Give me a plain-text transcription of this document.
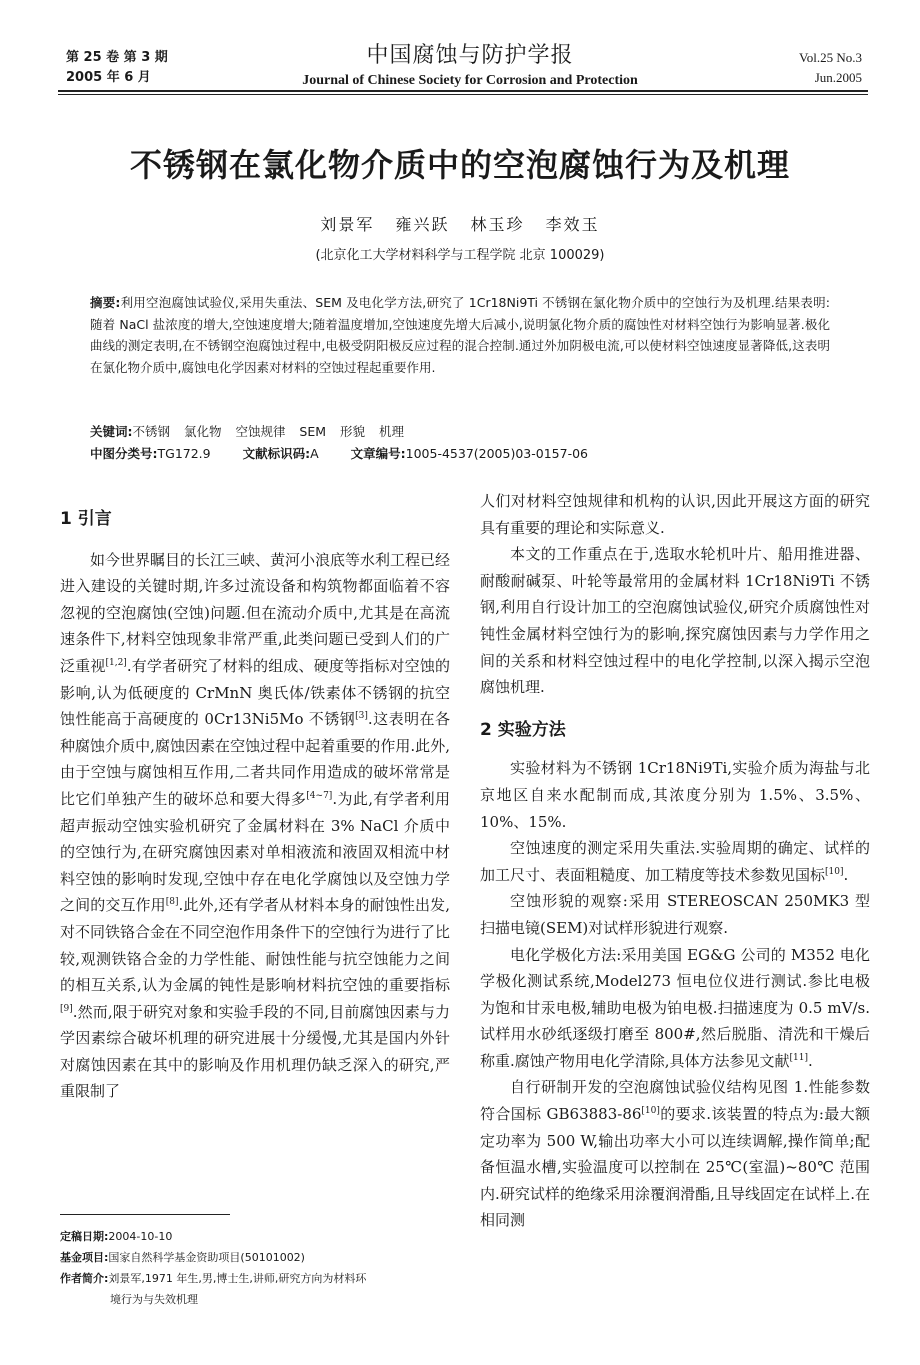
第 25 卷 第 3 期
2005 年 6 月
中国腐蚀与防护学报
Journal of Chinese Society for Corrosion and Protection
Vol.25 No.3
Jun.2005
不锈钢在氯化物介质中的空泡腐蚀行为及机理
刘景军 雍兴跃 林玉珍 李效玉
(北京化工大学材料科学与工程学院 北京 100029)
摘要:利用空泡腐蚀试验仪,采用失重法、SEM 及电化学方法,研究了 1Cr18Ni9Ti 不锈钢在氯化物介质中的空蚀行为及机理.结果表明:随着 NaCl 盐浓度的增大,空蚀速度增大;随着温度增加,空蚀速度先增大后减小,说明氯化物介质的腐蚀性对材料空蚀行为影响显著.极化曲线的测定表明,在不锈钢空泡腐蚀过程中,电极受阴阳极反应过程的混合控制.通过外加阴极电流,可以使材料空蚀速度显著降低,这表明在氯化物介质中,腐蚀电化学因素对材料的空蚀过程起重要作用.
关键词:不锈钢 氯化物 空蚀规律 SEM 形貌 机理
中图分类号:TG172.9	文献标识码:A	文章编号:1005-4537(2005)03-0157-06
1 引言

如今世界瞩目的长江三峡、黄河小浪底等水利工程已经进入建设的关键时期,许多过流设备和构筑物都面临着不容忽视的空泡腐蚀(空蚀)问题.但在流动介质中,尤其是在高流速条件下,材料空蚀现象非常严重,此类问题已受到人们的广泛重视[1,2].有学者研究了材料的组成、硬度等指标对空蚀的影响,认为低硬度的 CrMnN 奥氏体/铁素体不锈钢的抗空蚀性能高于高硬度的 0Cr13Ni5Mo 不锈钢[3].这表明在各种腐蚀介质中,腐蚀因素在空蚀过程中起着重要的作用.此外,由于空蚀与腐蚀相互作用,二者共同作用造成的破坏常常是比它们单独产生的破坏总和要大得多[4~7].为此,有学者利用超声振动空蚀实验机研究了金属材料在 3% NaCl 介质中的空蚀行为,在研究腐蚀因素对单相液流和液固双相流中材料空蚀的影响时发现,空蚀中存在电化学腐蚀以及空蚀力学之间的交互作用[8].此外,还有学者从材料本身的耐蚀性出发,对不同铁铬合金在不同空泡作用条件下的空蚀行为进行了比较,观测铁铬合金的力学性能、耐蚀性能与抗空蚀能力之间的相互关系,认为金属的钝性是影响材料抗空蚀的重要指标[9].然而,限于研究对象和实验手段的不同,目前腐蚀因素与力学因素综合破坏机理的研究进展十分缓慢,尤其是国内外针对腐蚀因素在其中的影响及作用机理仍缺乏深入的研究,严重限制了

人们对材料空蚀规律和机构的认识,因此开展这方面的研究具有重要的理论和实际意义.

本文的工作重点在于,选取水轮机叶片、船用推进器、耐酸耐碱泵、叶轮等最常用的金属材料 1Cr18Ni9Ti 不锈钢,利用自行设计加工的空泡腐蚀试验仪,研究介质腐蚀性对钝性金属材料空蚀行为的影响,探究腐蚀因素与力学作用之间的关系和材料空蚀过程中的电化学控制,以深入揭示空泡腐蚀机理.

2 实验方法

实验材料为不锈钢 1Cr18Ni9Ti,实验介质为海盐与北京地区自来水配制而成,其浓度分别为 1.5%、3.5%、10%、15%.

空蚀速度的测定采用失重法.实验周期的确定、试样的加工尺寸、表面粗糙度、加工精度等技术参数见国标[10].

空蚀形貌的观察:采用 STEREOSCAN 250MK3 型扫描电镜(SEM)对试样形貌进行观察.

电化学极化方法:采用美国 EG&G 公司的 M352 电化学极化测试系统,Model273 恒电位仪进行测试.参比电极为饱和甘汞电极,辅助电极为铂电极.扫描速度为 0.5 mV/s.试样用水砂纸逐级打磨至 800#,然后脱脂、清洗和干燥后称重.腐蚀产物用电化学清除,具体方法参见文献[11].

自行研制开发的空泡腐蚀试验仪结构见图 1.性能参数符合国标 GB63883-86[10]的要求.该装置的特点为:最大额定功率为 500 W,输出功率大小可以连续调解,操作简单;配备恒温水槽,实验温度可以控制在 25℃(室温)~80℃ 范围内.研究试样的绝缘采用涂覆润滑酯,且导线固定在试样上.在相同测

定稿日期:2004-10-10
基金项目:国家自然科学基金资助项目(50101002)
作者简介:刘景军,1971 年生,男,博士生,讲师,研究方向为材料环
境行为与失效机理
